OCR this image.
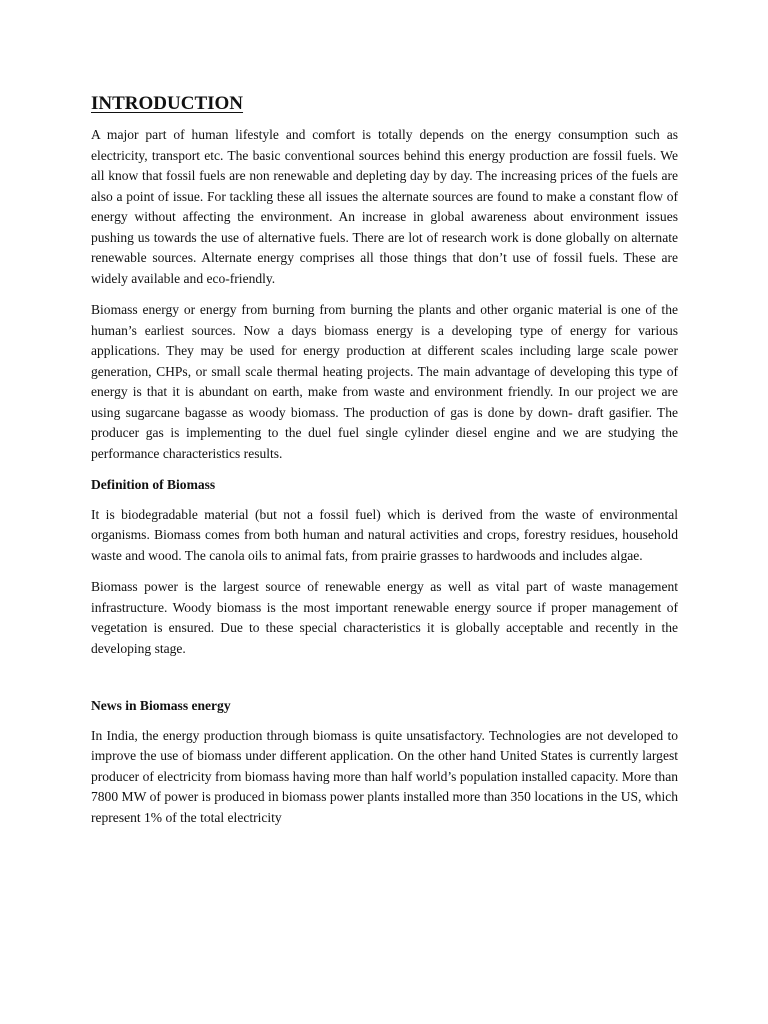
INTRODUCTION

A major part of human lifestyle and comfort is totally depends on the energy consumption such as electricity, transport etc. The basic conventional sources behind this energy production are fossil fuels. We all know that fossil fuels are non renewable and depleting day by day. The increasing prices of the fuels are also a point of issue. For tackling these all issues the alternate sources are found to make a constant flow of energy without affecting the environment. An increase in global awareness about environment issues pushing us towards the use of alternative fuels. There are lot of research work is done globally on alternate renewable sources. Alternate energy comprises all those things that don’t use of fossil fuels. These are widely available and eco-friendly.

Biomass energy or energy from burning from burning the plants and other organic material is one of the human’s earliest sources. Now a days biomass energy is a developing type of energy for various applications. They may be used for energy production at different scales including large scale power generation, CHPs, or small scale thermal heating projects. The main advantage of developing this type of energy is that it is abundant on earth, make from waste and environment friendly. In our project we are using sugarcane bagasse as woody biomass. The production of gas is done by down- draft gasifier. The producer gas is implementing to the duel fuel single cylinder diesel engine and we are studying the performance characteristics results.

Definition of Biomass

It is biodegradable material (but not a fossil fuel) which is derived from the waste of environmental organisms. Biomass comes from both human and natural activities and crops, forestry residues, household waste and wood. The canola oils to animal fats, from prairie grasses to hardwoods and includes algae.

Biomass power is the largest source of renewable energy as well as vital part of waste management infrastructure. Woody biomass is the most important renewable energy source if proper management of vegetation is ensured. Due to these special characteristics it is globally acceptable and recently in the developing stage.

News in Biomass energy

In India, the energy production through biomass is quite unsatisfactory. Technologies are not developed to improve the use of biomass under different application. On the other hand United States is currently largest producer of electricity from biomass having more than half world’s population installed capacity. More than 7800 MW of power is produced in biomass power plants installed more than 350 locations in the US, which represent 1% of the total electricity
